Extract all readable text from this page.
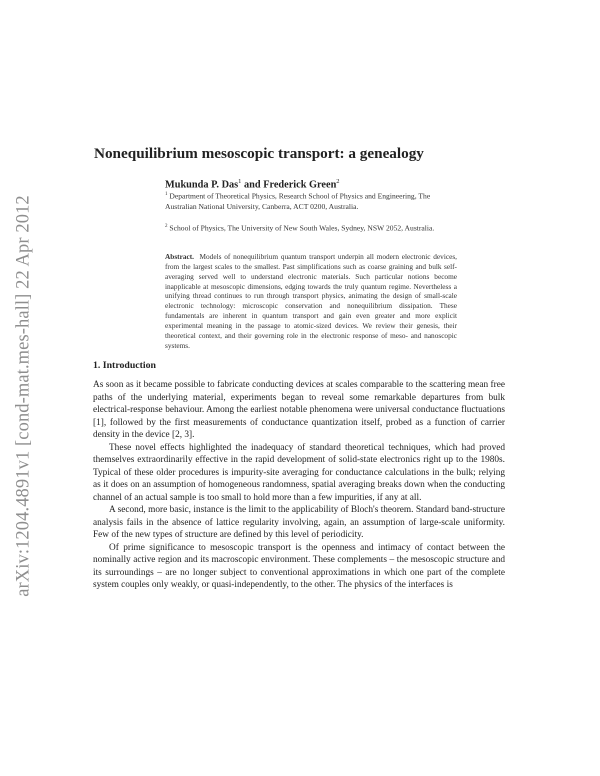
arXiv:1204.4891v1 [cond-mat.mes-hall] 22 Apr 2012
Nonequilibrium mesoscopic transport: a genealogy
Mukunda P. Das$^1$ and Frederick Green$^2$
$^1$ Department of Theoretical Physics, Research School of Physics and Engineering, The Australian National University, Canberra, ACT 0200, Australia.
$^2$ School of Physics, The University of New South Wales, Sydney, NSW 2052, Australia.
Abstract. Models of nonequilibrium quantum transport underpin all modern electronic devices, from the largest scales to the smallest. Past simplifications such as coarse graining and bulk self-averaging served well to understand electronic materials. Such particular notions become inapplicable at mesoscopic dimensions, edging towards the truly quantum regime. Nevertheless a unifying thread continues to run through transport physics, animating the design of small-scale electronic technology: microscopic conservation and nonequilibrium dissipation. These fundamentals are inherent in quantum transport and gain even greater and more explicit experimental meaning in the passage to atomic-sized devices. We review their genesis, their theoretical context, and their governing role in the electronic response of meso- and nanoscopic systems.
1. Introduction

As soon as it became possible to fabricate conducting devices at scales comparable to the scattering mean free paths of the underlying material, experiments began to reveal some remarkable departures from bulk electrical-response behaviour. Among the earliest notable phenomena were universal conductance fluctuations [1], followed by the first measurements of conductance quantization itself, probed as a function of carrier density in the device [2, 3].

These novel effects highlighted the inadequacy of standard theoretical techniques, which had proved themselves extraordinarily effective in the rapid development of solid-state electronics right up to the 1980s. Typical of these older procedures is impurity-site averaging for conductance calculations in the bulk; relying as it does on an assumption of homogeneous randomness, spatial averaging breaks down when the conducting channel of an actual sample is too small to hold more than a few impurities, if any at all.

A second, more basic, instance is the limit to the applicability of Bloch's theorem. Standard band-structure analysis fails in the absence of lattice regularity involving, again, an assumption of large-scale uniformity. Few of the new types of structure are defined by this level of periodicity.

Of prime significance to mesoscopic transport is the openness and intimacy of contact between the nominally active region and its macroscopic environment. These complements – the mesoscopic structure and its surroundings – are no longer subject to conventional approximations in which one part of the complete system couples only weakly, or quasi-independently, to the other. The physics of the interfaces is
